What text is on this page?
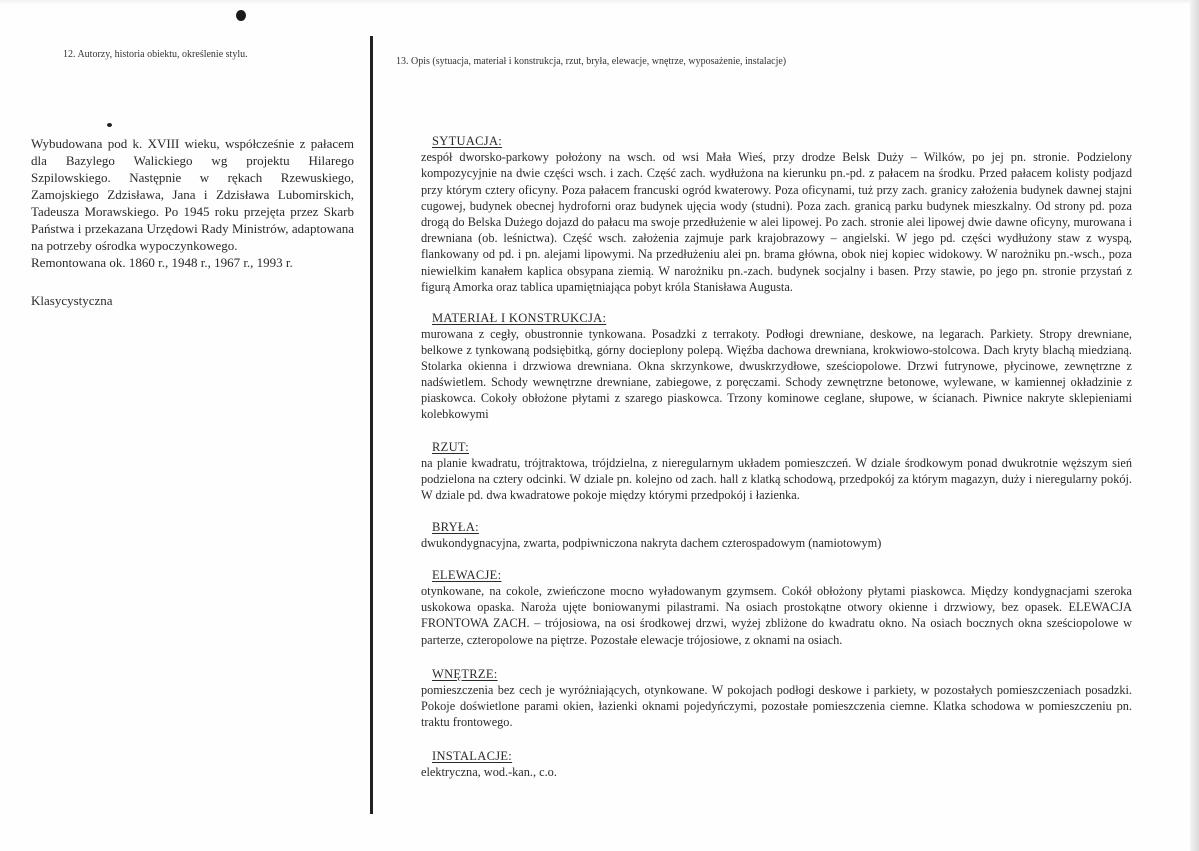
12. Autorzy, historia obiektu, określenie stylu.
13. Opis (sytuacja, materiał i konstrukcja, rzut, bryła, elewacje, wnętrze, wyposażenie, instalacje)

Wybudowana pod k. XVIII wieku, współcześnie z pałacem dla Bazylego Walickiego wg projektu Hilarego Szpilowskiego. Następnie w rękach Rzewuskiego, Zamojskiego Zdzisława, Jana i Zdzisława Lubomirskich, Tadeusza Morawskiego. Po 1945 roku przejęta przez Skarb Państwa i przekazana Urzędowi Rady Ministrów, adaptowana na potrzeby ośrodka wypoczynkowego.

Remontowana ok. 1860 r., 1948 r., 1967 r., 1993 r.

Klasycystyczna

SYTUACJA:

zespół dworsko-parkowy położony na wsch. od wsi Mała Wieś, przy drodze Belsk Duży – Wilków, po jej pn. stronie. Podzielony kompozycyjnie na dwie części wsch. i zach. Część zach. wydłużona na kierunku pn.-pd. z pałacem na środku. Przed pałacem kolisty podjazd przy którym cztery oficyny. Poza pałacem francuski ogród kwaterowy. Poza oficynami, tuż przy zach. granicy założenia budynek dawnej stajni cugowej, budynek obecnej hydroforni oraz budynek ujęcia wody (studni). Poza zach. granicą parku budynek mieszkalny. Od strony pd. poza drogą do Belska Dużego dojazd do pałacu ma swoje przedłużenie w alei lipowej. Po zach. stronie alei lipowej dwie dawne oficyny, murowana i drewniana (ob. leśnictwa). Część wsch. założenia zajmuje park krajobrazowy – angielski. W jego pd. części wydłużony staw z wyspą, flankowany od pd. i pn. alejami lipowymi. Na przedłużeniu alei pn. brama główna, obok niej kopiec widokowy. W narożniku pn.-wsch., poza niewielkim kanałem kaplica obsypana ziemią. W narożniku pn.-zach. budynek socjalny i basen. Przy stawie, po jego pn. stronie przystań z figurą Amorka oraz tablica upamiętniająca pobyt króla Stanisława Augusta.

MATERIAŁ I KONSTRUKCJA:

murowana z cegły, obustronnie tynkowana. Posadzki z terrakoty. Podłogi drewniane, deskowe, na legarach. Parkiety. Stropy drewniane, belkowe z tynkowaną podsiębitką, górny docieplony polepą. Więźba dachowa drewniana, krokwiowo-stolcowa. Dach kryty blachą miedzianą. Stolarka okienna i drzwiowa drewniana. Okna skrzynkowe, dwuskrzydłowe, sześciopolowe. Drzwi futrynowe, płycinowe, zewnętrzne z nadświetlem. Schody wewnętrzne drewniane, zabiegowe, z poręczami. Schody zewnętrzne betonowe, wylewane, w kamiennej okładzinie z piaskowca. Cokoły obłożone płytami z szarego piaskowca. Trzony kominowe ceglane, słupowe, w ścianach. Piwnice nakryte sklepieniami kolebkowymi

RZUT:

na planie kwadratu, trójtraktowa, trójdzielna, z nieregularnym układem pomieszczeń. W dziale środkowym ponad dwukrotnie węższym sień podzielona na cztery odcinki. W dziale pn. kolejno od zach. hall z klatką schodową, przedpokój za którym magazyn, duży i nieregularny pokój. W dziale pd. dwa kwadratowe pokoje między którymi przedpokój i łazienka.

BRYŁA:

dwukondygnacyjna, zwarta, podpiwniczona nakryta dachem czterospadowym (namiotowym)

ELEWACJE:

otynkowane, na cokole, zwieńczone mocno wyładowanym gzymsem. Cokół obłożony płytami piaskowca. Między kondygnacjami szeroka uskokowa opaska. Naroża ujęte boniowanymi pilastrami. Na osiach prostokątne otwory okienne i drzwiowy, bez opasek. ELEWACJA FRONTOWA ZACH. – trójosiowa, na osi środkowej drzwi, wyżej zbliżone do kwadratu okno. Na osiach bocznych okna sześciopolowe w parterze, czteropolowe na piętrze. Pozostałe elewacje trójosiowe, z oknami na osiach.

WNĘTRZE:

pomieszczenia bez cech je wyróżniających, otynkowane. W pokojach podłogi deskowe i parkiety, w pozostałych pomieszczeniach posadzki. Pokoje doświetlone parami okien, łazienki oknami pojedyńczymi, pozostałe pomieszczenia ciemne. Klatka schodowa w pomieszczeniu pn. traktu frontowego.

INSTALACJE:

elektryczna, wod.-kan., c.o.
